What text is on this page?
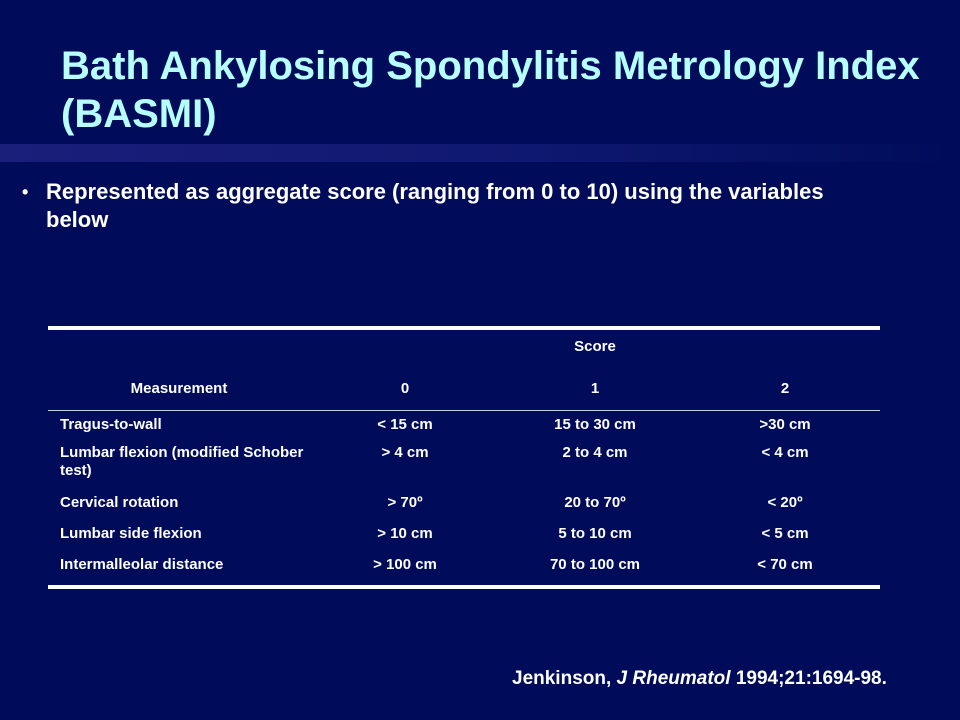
Bath Ankylosing Spondylitis Metrology Index (BASMI)
• Represented as aggregate score (ranging from 0 to 10) using the variables below
	Score		
Measurement	0	1	2

Tragus-to-wall	< 15 cm	15 to 30 cm	>30 cm
Lumbar flexion (modified Schober test)	> 4 cm	2 to 4 cm	< 4 cm
Cervical rotation	> 70º	20 to 70º	< 20º
Lumbar side flexion	> 10 cm	5 to 10 cm	< 5 cm
Intermalleolar distance	> 100 cm	70 to 100 cm	< 70 cm
Jenkinson, J Rheumatol 1994;21:1694-98.
